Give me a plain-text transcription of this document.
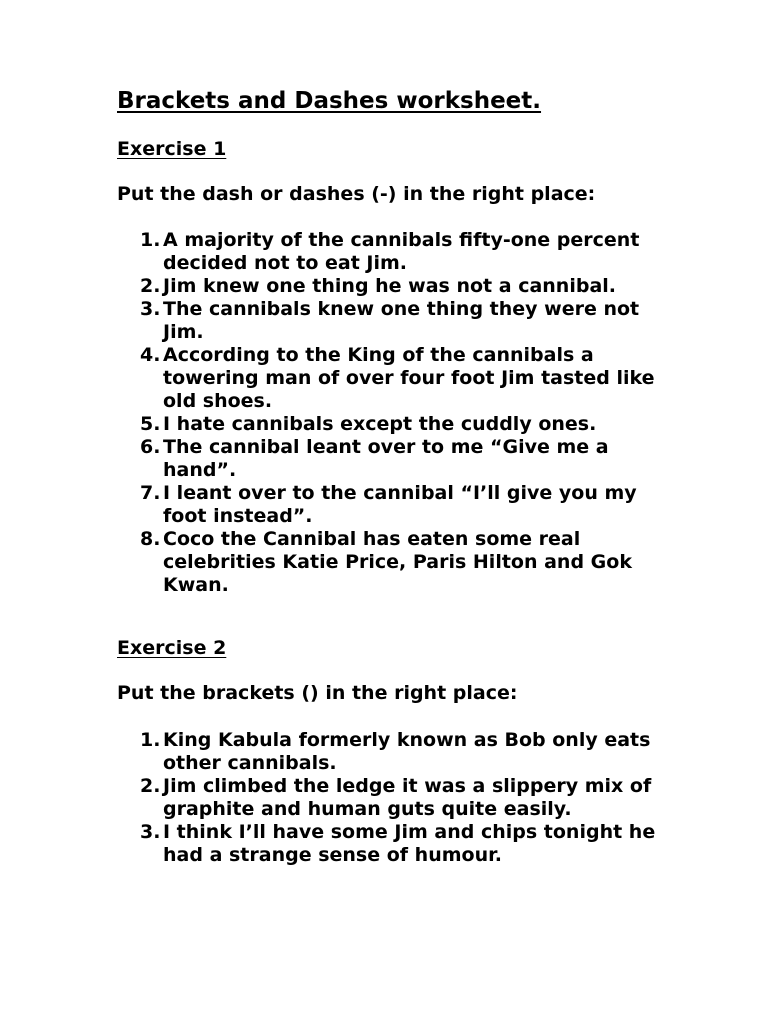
Brackets and Dashes worksheet.
Exercise 1

Put the dash or dashes (-) in the right place:

1. A majority of the cannibals fifty-one percent decided not to eat Jim.
2. Jim knew one thing he was not a cannibal.
3. The cannibals knew one thing they were not Jim.
4. According to the King of the cannibals a towering man of over four foot Jim tasted like old shoes.
5. I hate cannibals except the cuddly ones.
6. The cannibal leant over to me “Give me a hand”.
7. I leant over to the cannibal “I’ll give you my foot instead”.
8. Coco the Cannibal has eaten some real celebrities Katie Price, Paris Hilton and Gok Kwan.
Exercise 2

Put the brackets () in the right place:

1. King Kabula formerly known as Bob only eats other cannibals.
2. Jim climbed the ledge it was a slippery mix of graphite and human guts quite easily.
3. I think I’ll have some Jim and chips tonight he had a strange sense of humour.
